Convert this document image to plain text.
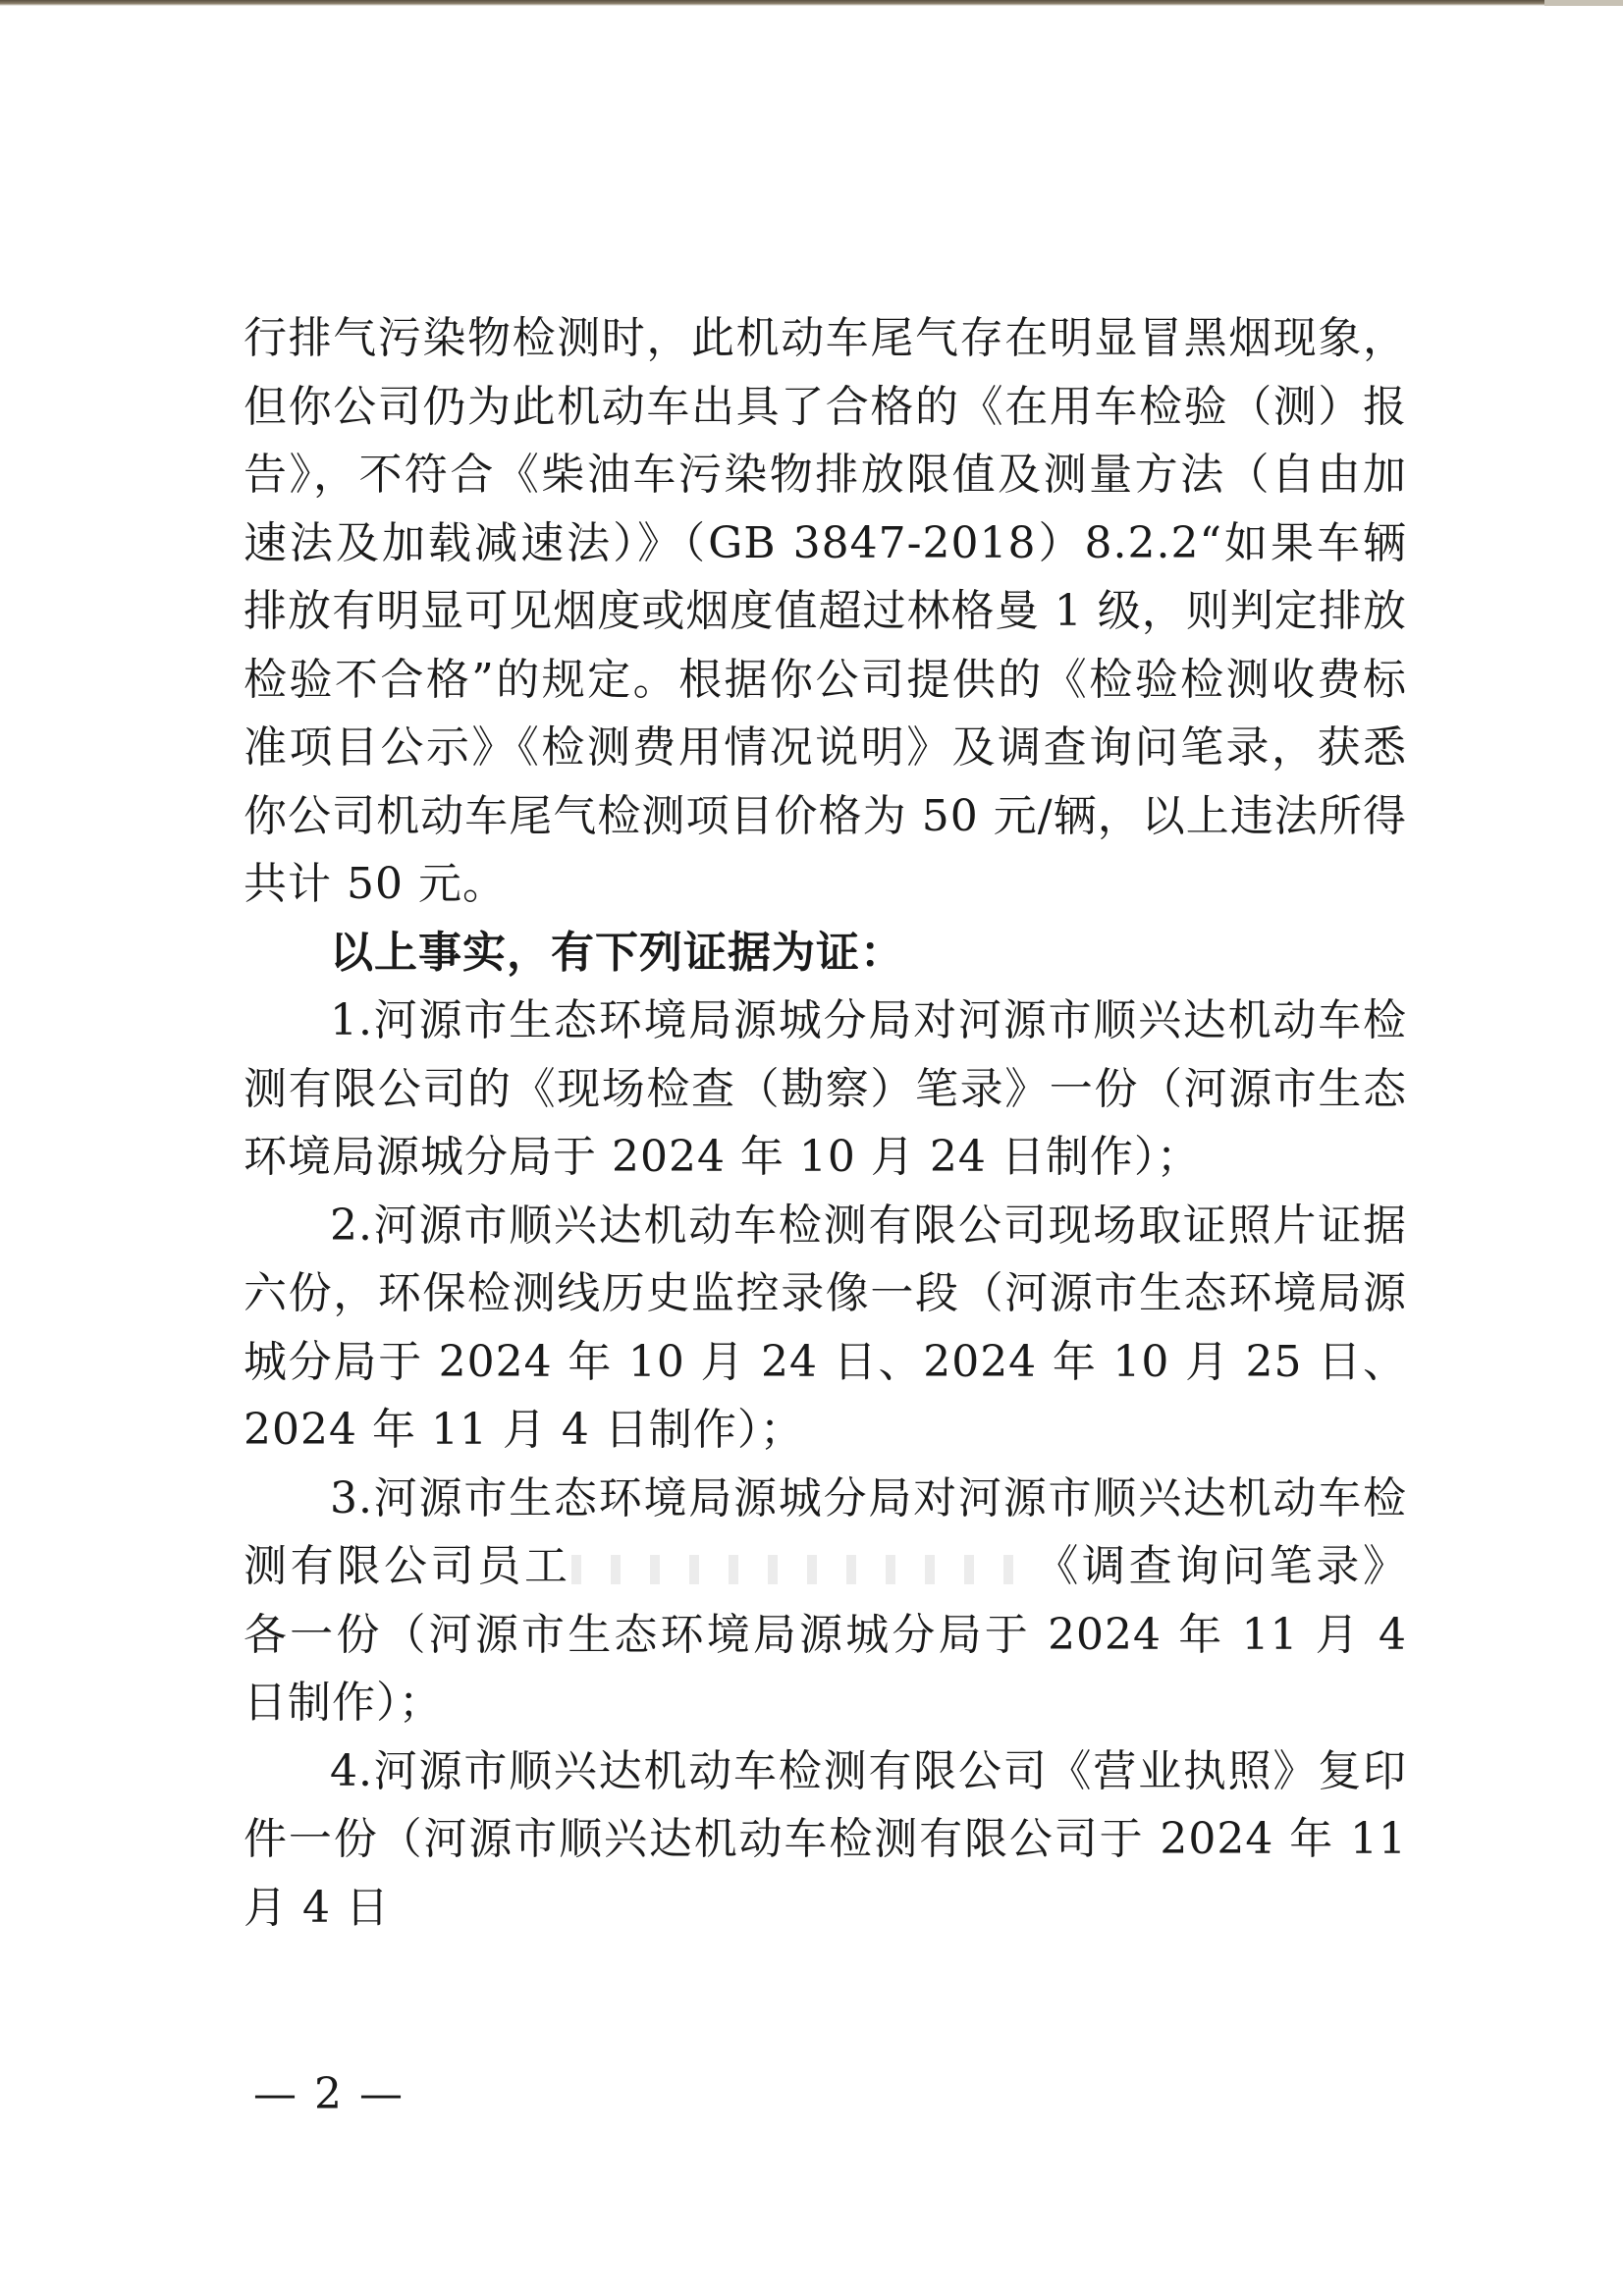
行排气污染物检测时，此机动车尾气存在明显冒黑烟现象，但你公司仍为此机动车出具了合格的《在用车检验（测）报告》，不符合《柴油车污染物排放限值及测量方法（自由加速法及加载减速法）》（GB 3847-2018）8.2.2“如果车辆排放有明显可见烟度或烟度值超过林格曼 1 级，则判定排放检验不合格”的规定。根据你公司提供的《检验检测收费标准项目公示》《检测费用情况说明》及调查询问笔录，获悉你公司机动车尾气检测项目价格为 50 元/辆，以上违法所得共计 50 元。

以上事实，有下列证据为证：

1.河源市生态环境局源城分局对河源市顺兴达机动车检测有限公司的《现场检查（勘察）笔录》一份（河源市生态环境局源城分局于 2024 年 10 月 24 日制作）；

2.河源市顺兴达机动车检测有限公司现场取证照片证据六份，环保检测线历史监控录像一段（河源市生态环境局源城分局于 2024 年 10 月 24 日、2024 年 10 月 25 日、2024 年 11 月 4 日制作）；

3.河源市生态环境局源城分局对河源市顺兴达机动车检测有限公司员工	《调查询问笔录》各一份（河源市生态环境局源城分局于 2024 年 11 月 4 日制作）；

4.河源市顺兴达机动车检测有限公司《营业执照》复印件一份（河源市顺兴达机动车检测有限公司于 2024 年 11 月 4 日

— 2 —
